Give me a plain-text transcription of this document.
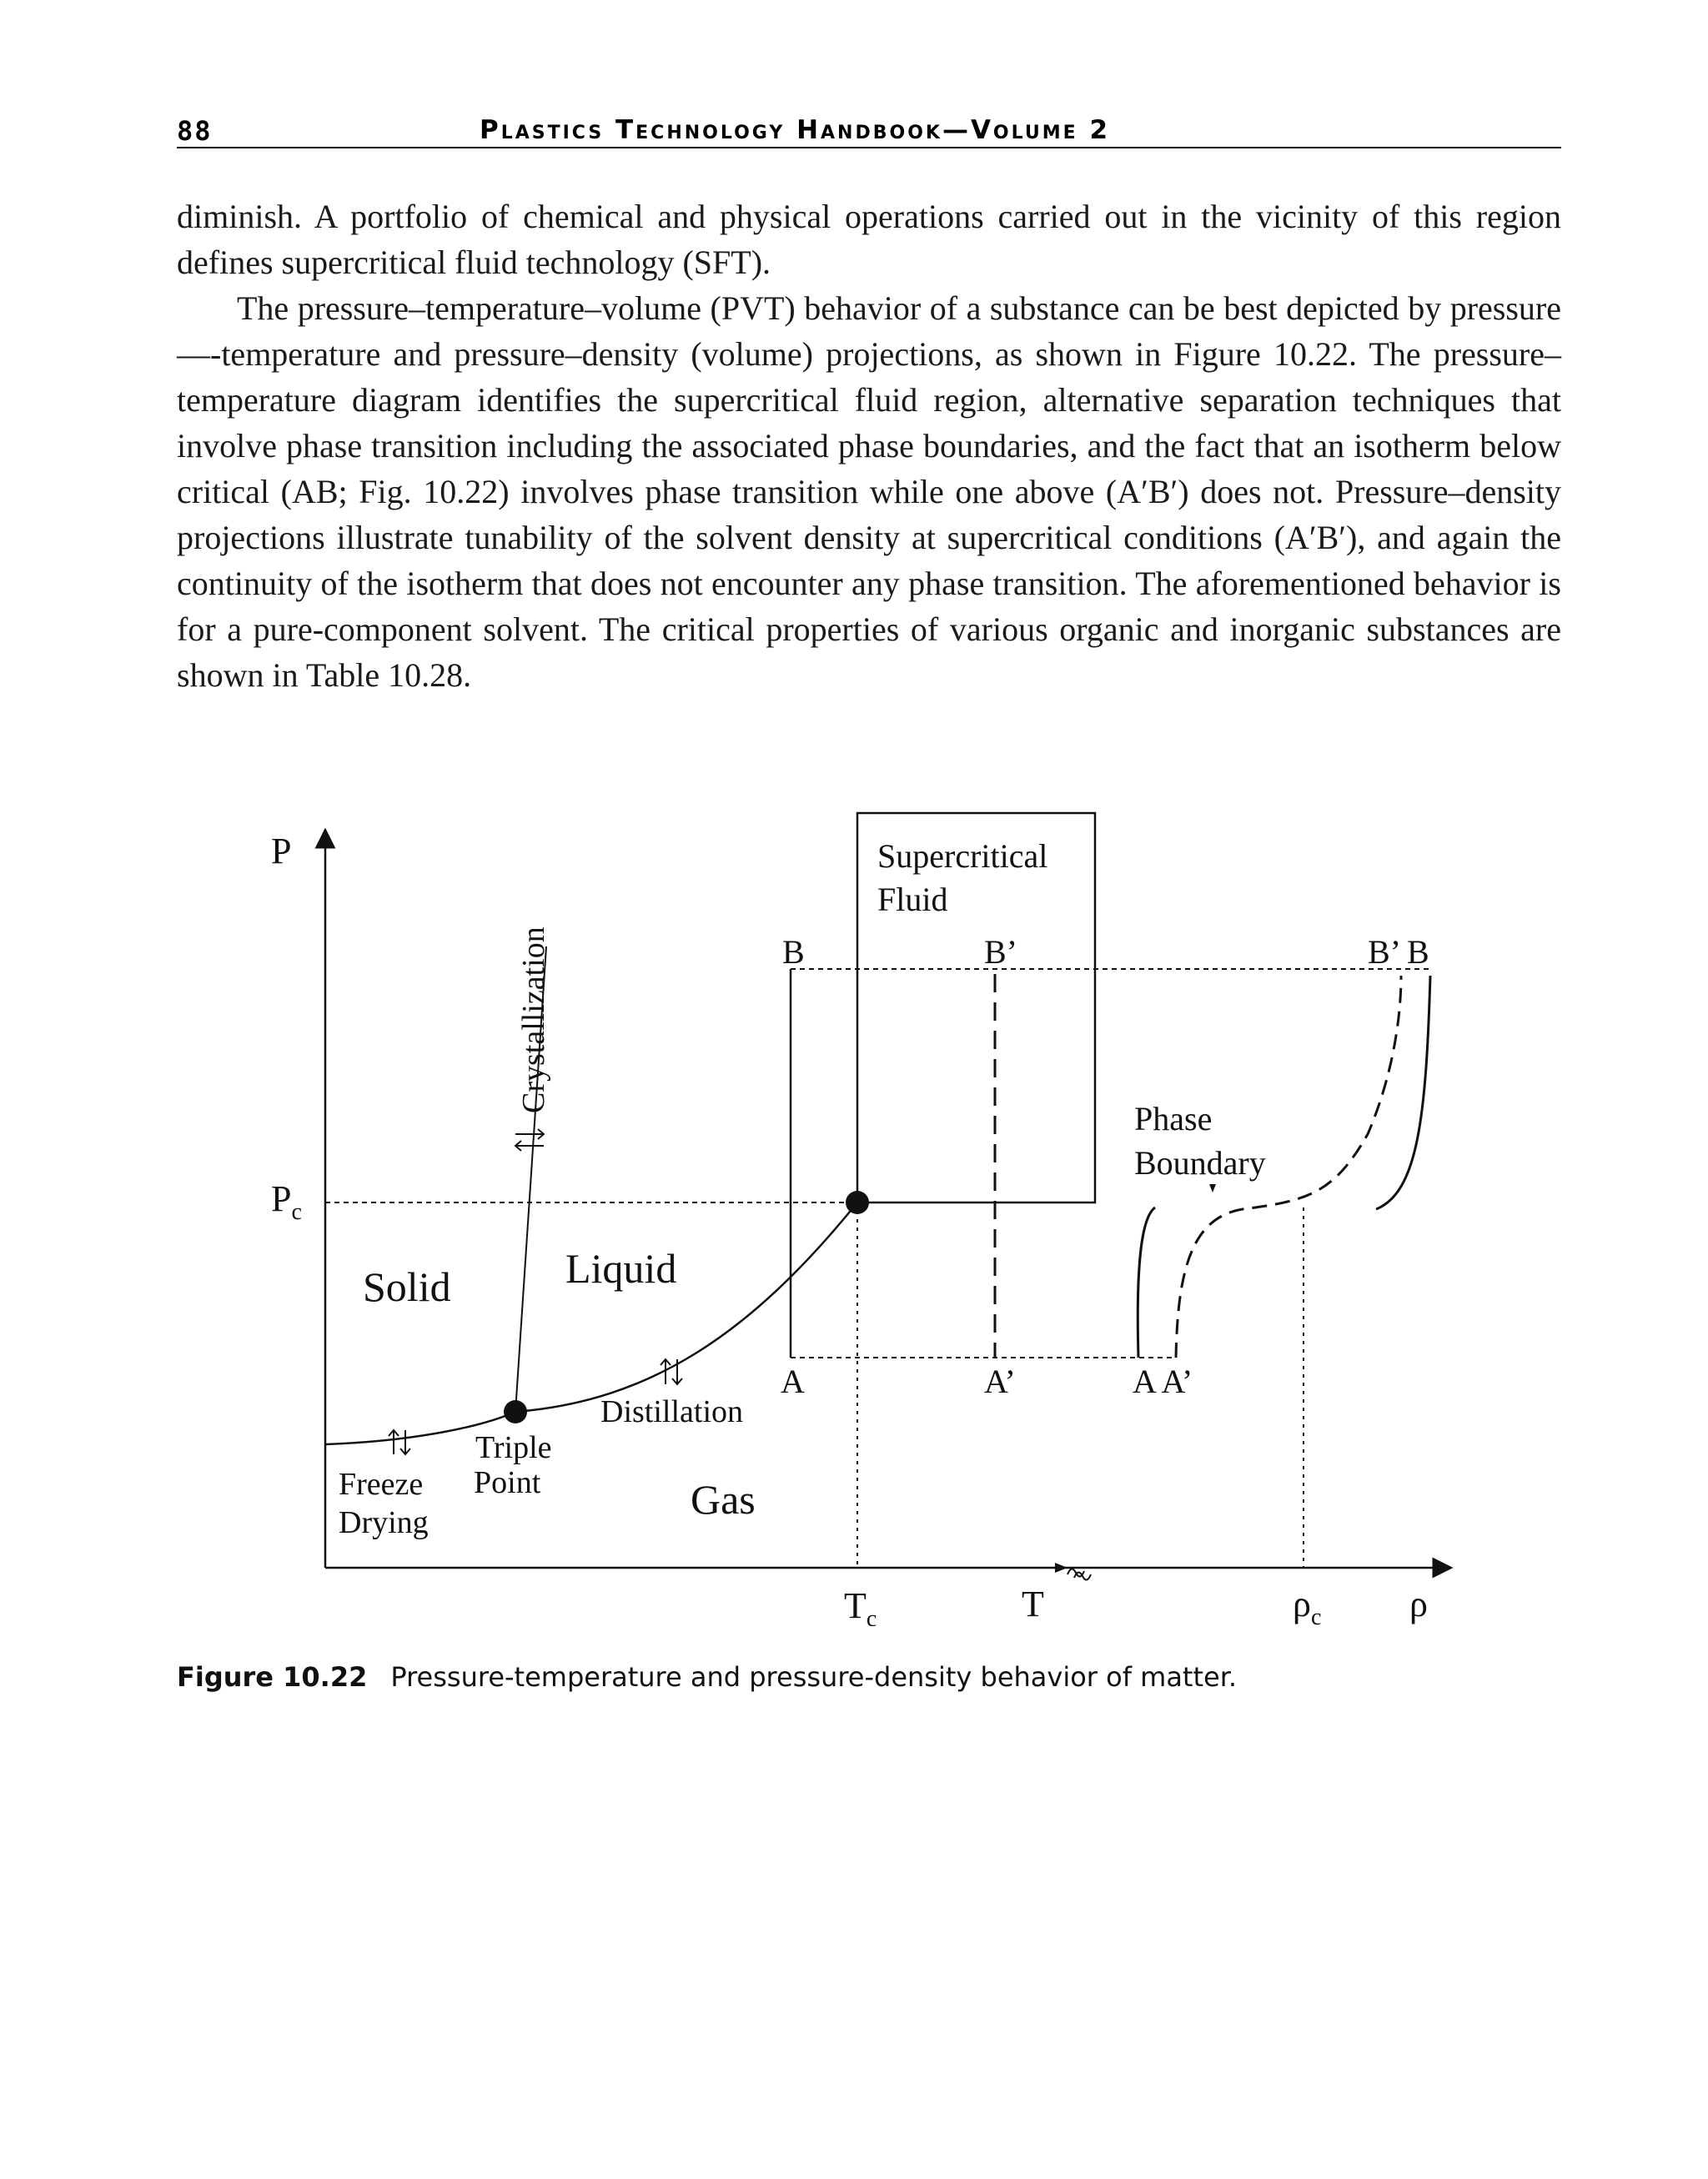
88	Plastics Technology Handbook—Volume 2

diminish. A portfolio of chemical and physical operations carried out in the vicinity of this region defines supercritical fluid technology (SFT).

The pressure–temperature–volume (PVT) behavior of a substance can be best depicted by pressure—-temperature and pressure–density (volume) projections, as shown in Figure 10.22. The pressure–temperature diagram identifies the supercritical fluid region, alternative separation techniques that involve phase transition including the associated phase boundaries, and the fact that an isotherm below critical (AB; Fig. 10.22) involves phase transition while one above (A′B′) does not. Pressure–density projections illustrate tunability of the solvent density at supercritical conditions (A′B′), and again the continuity of the isotherm that does not encounter any phase transition. The aforementioned behavior is for a pure-component solvent. The critical properties of various organic and inorganic substances are shown in Table 10.28.

P
$P_c$
Solid	Liquid
Gas
Supercritical
Fluid
Crystallization
Distillation
Triple
Point
Freeze
Drying
Phase
Boundary
B	B’
A	A’	A A’
B’ B
$T_c$	T	$\rho_c$ ρ
Figure 10.22 Pressure-temperature and pressure-density behavior of matter.
